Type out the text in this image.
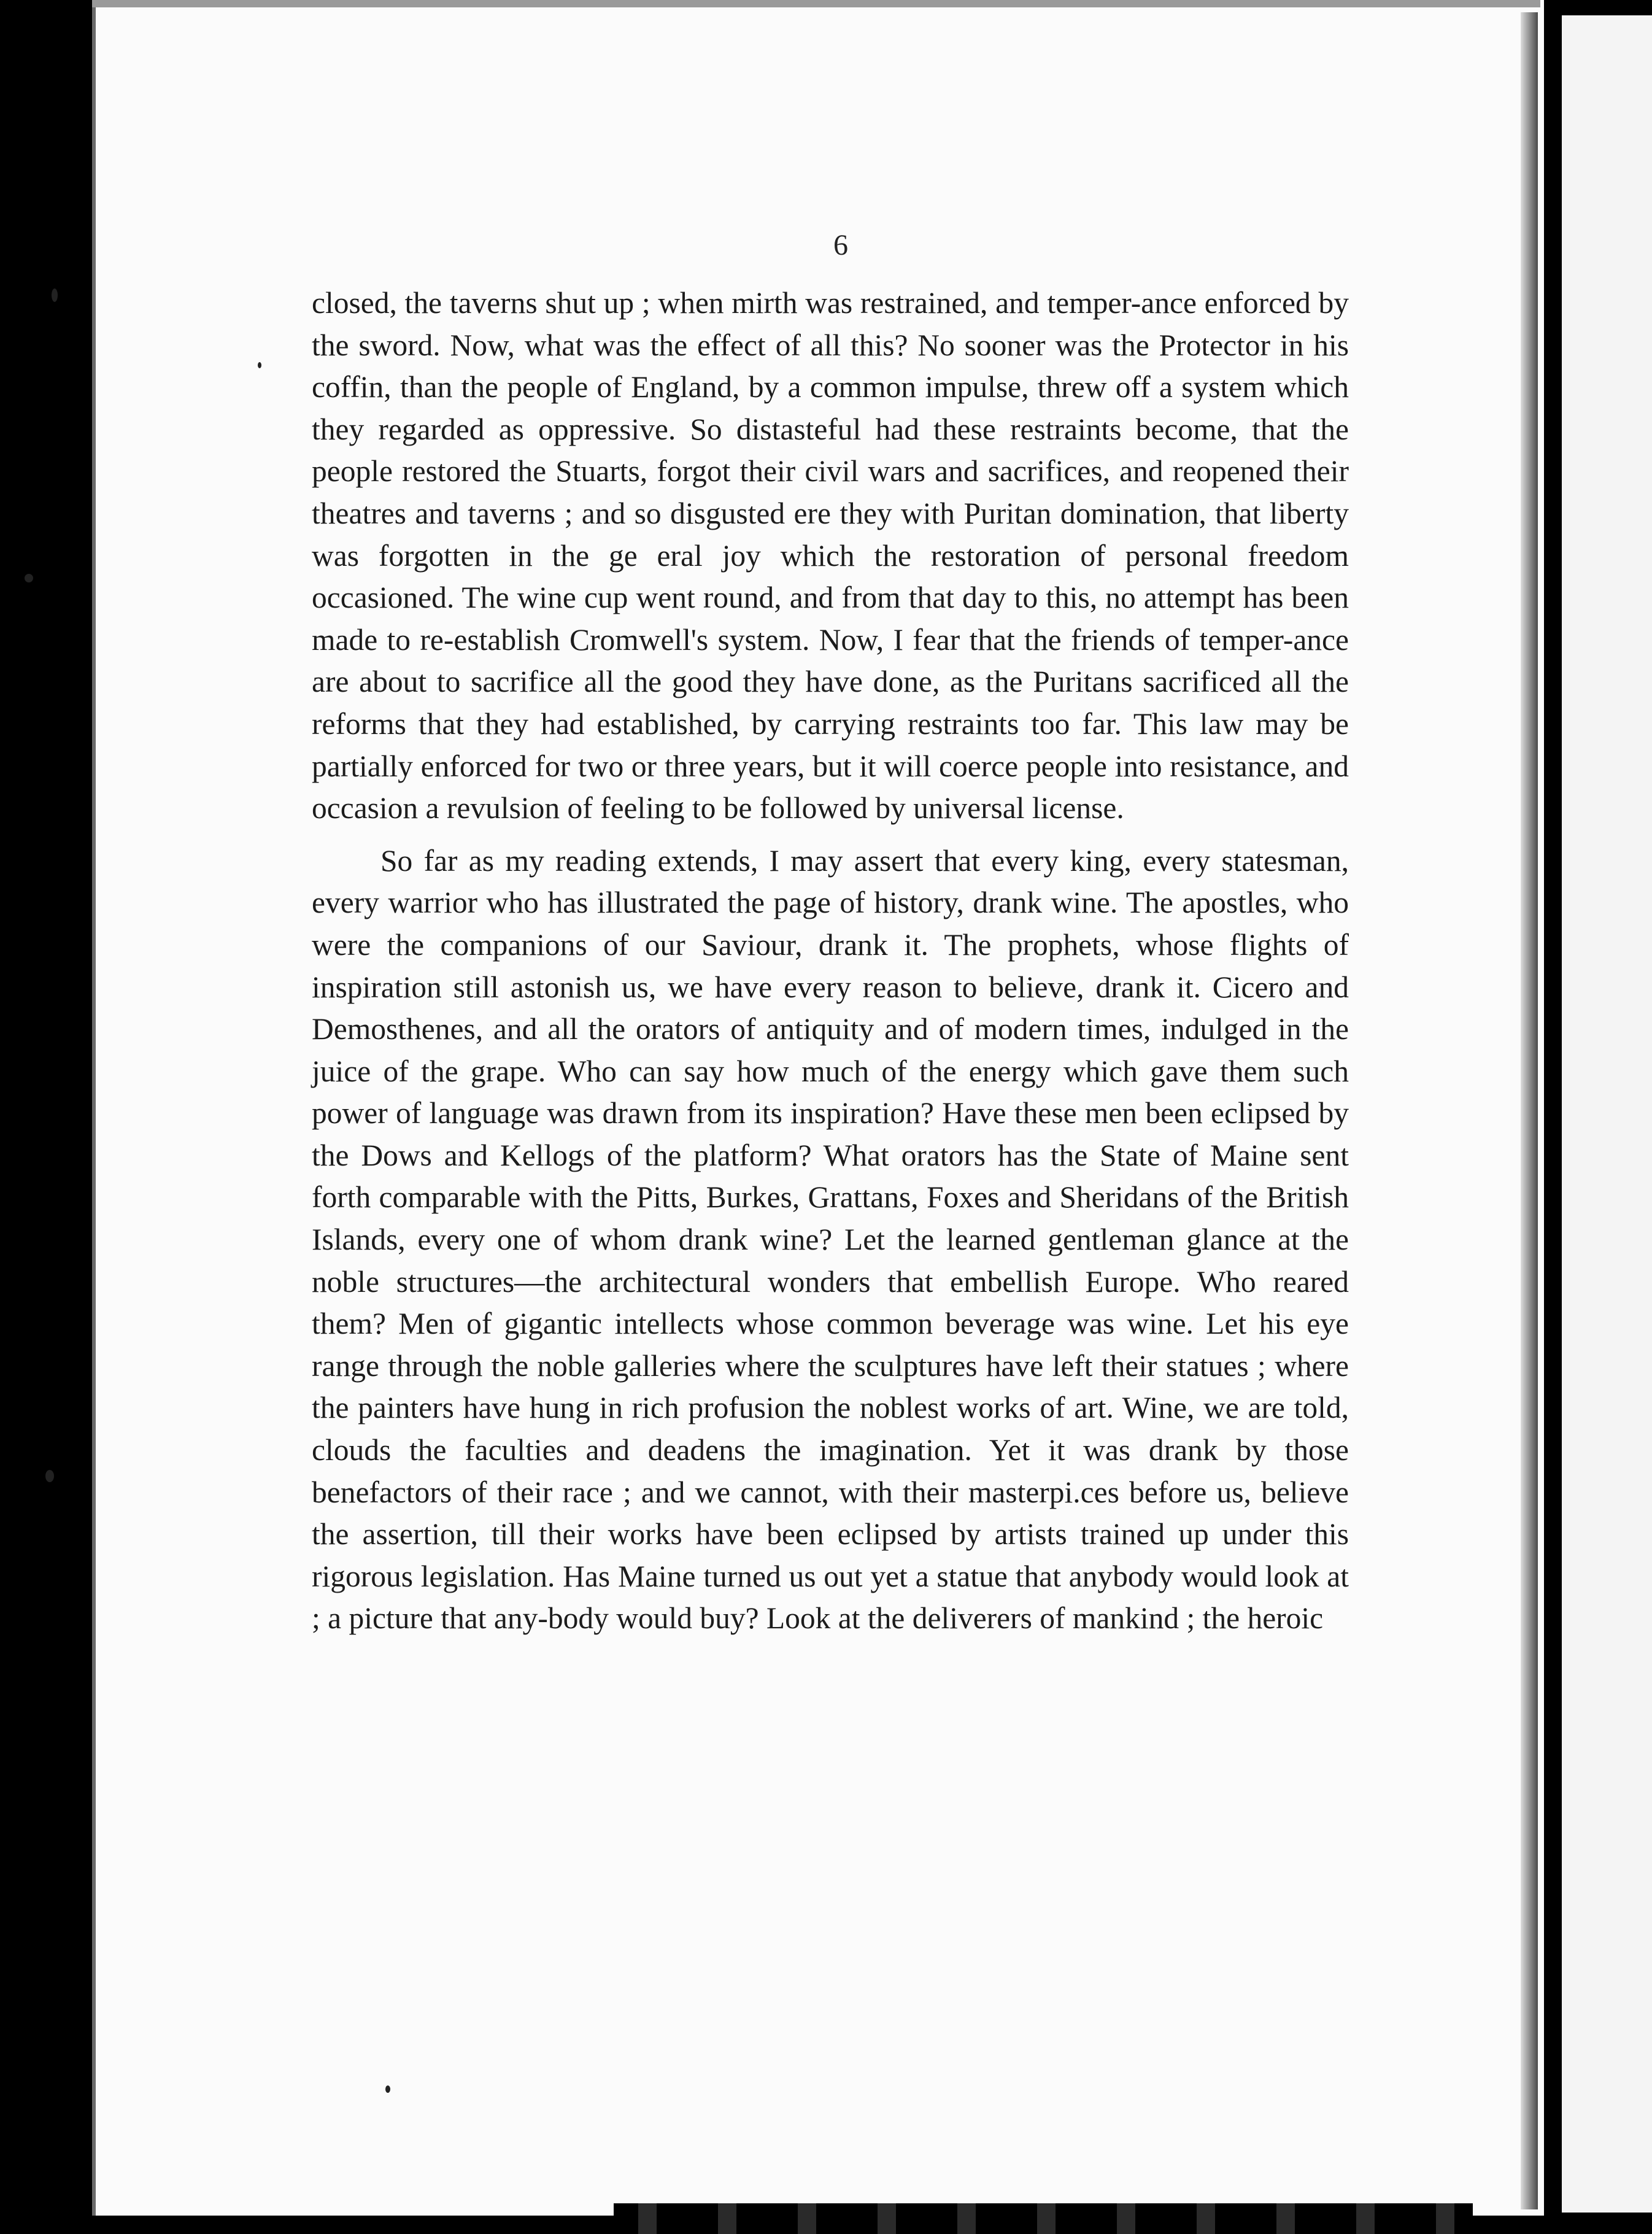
6

closed, the taverns shut up ; when mirth was restrained, and temper-ance enforced by the sword. Now, what was the effect of all this? No sooner was the Protector in his coffin, than the people of England, by a common impulse, threw off a system which they regarded as oppressive. So distasteful had these restraints become, that the people restored the Stuarts, forgot their civil wars and sacrifices, and reopened their theatres and taverns ; and so disgusted ere they with Puritan domination, that liberty was forgotten in the ge eral joy which the restoration of personal freedom occasioned. The wine cup went round, and from that day to this, no attempt has been made to re-establish Cromwell's system. Now, I fear that the friends of temper-ance are about to sacrifice all the good they have done, as the Puritans sacrificed all the reforms that they had established, by carrying restraints too far. This law may be partially enforced for two or three years, but it will coerce people into resistance, and occasion a revulsion of feeling to be followed by universal license.

So far as my reading extends, I may assert that every king, every statesman, every warrior who has illustrated the page of history, drank wine. The apostles, who were the companions of our Saviour, drank it. The prophets, whose flights of inspiration still astonish us, we have every reason to believe, drank it. Cicero and Demosthenes, and all the orators of antiquity and of modern times, indulged in the juice of the grape. Who can say how much of the energy which gave them such power of language was drawn from its inspiration? Have these men been eclipsed by the Dows and Kellogs of the platform? What orators has the State of Maine sent forth comparable with the Pitts, Burkes, Grattans, Foxes and Sheridans of the British Islands, every one of whom drank wine? Let the learned gentleman glance at the noble structures—the architectural wonders that embellish Europe. Who reared them? Men of gigantic intellects whose common beverage was wine. Let his eye range through the noble galleries where the sculptures have left their statues ; where the painters have hung in rich profusion the noblest works of art. Wine, we are told, clouds the faculties and deadens the imagination. Yet it was drank by those benefactors of their race ; and we cannot, with their masterpi.ces before us, believe the assertion, till their works have been eclipsed by artists trained up under this rigorous legislation. Has Maine turned us out yet a statue that anybody would look at ; a picture that any-body would buy? Look at the deliverers of mankind ; the heroic
